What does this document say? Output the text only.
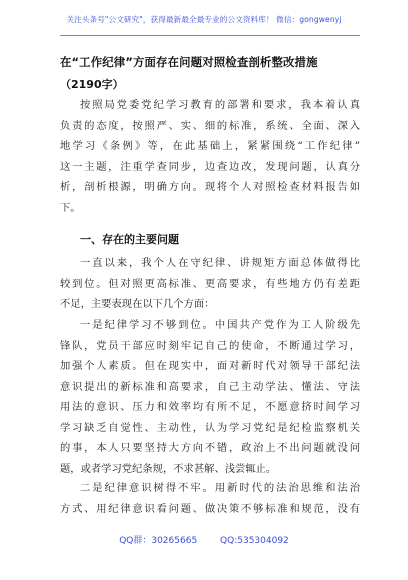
关注头条号"公文研究"，获得最新最全最专业的公文资料库！ 微信：gongwenyj
在“工作纪律”方面存在问题对照检查剖析整改措施
（2190字）
按照局党委党纪学习教育的部署和要求，我本着认真
负责的态度，按照严、实、细的标准，系统、全面、深入
地学习《条例》等，在此基础上，紧紧围绕“工作纪律”
这一主题，注重学查同步，边查边改，发现问题，认真分
析，剖析根源，明确方向。现将个人对照检查材料报告如
下。
一、存在的主要问题
一直以来，我个人在守纪律、讲规矩方面总体做得比
较到位。但对照更高标准、更高要求，有些地方仍有差距
不足，主要表现在以下几个方面：
一是纪律学习不够到位。中国共产党作为工人阶级先
锋队，党员干部应时刻牢记自己的使命，不断通过学习，
加强个人素质。但在现实中，面对新时代对领导干部纪法
意识提出的新标准和高要求，自己主动学法、懂法、守法
用法的意识、压力和效率均有所不足，不愿意挤时间学习
学习缺乏自觉性、主动性，认为学习党纪是纪检监察机关
的事，本人只要坚持大方向不错，政治上不出问题就没问
题，或者学习党纪条规，不求甚解、浅尝辄止。
二是纪律意识树得不牢。用新时代的法治思维和法治
方式、用纪律意识看问题、做决策不够标准和规范，没有
QQ群：30265665	QQ:535304092
